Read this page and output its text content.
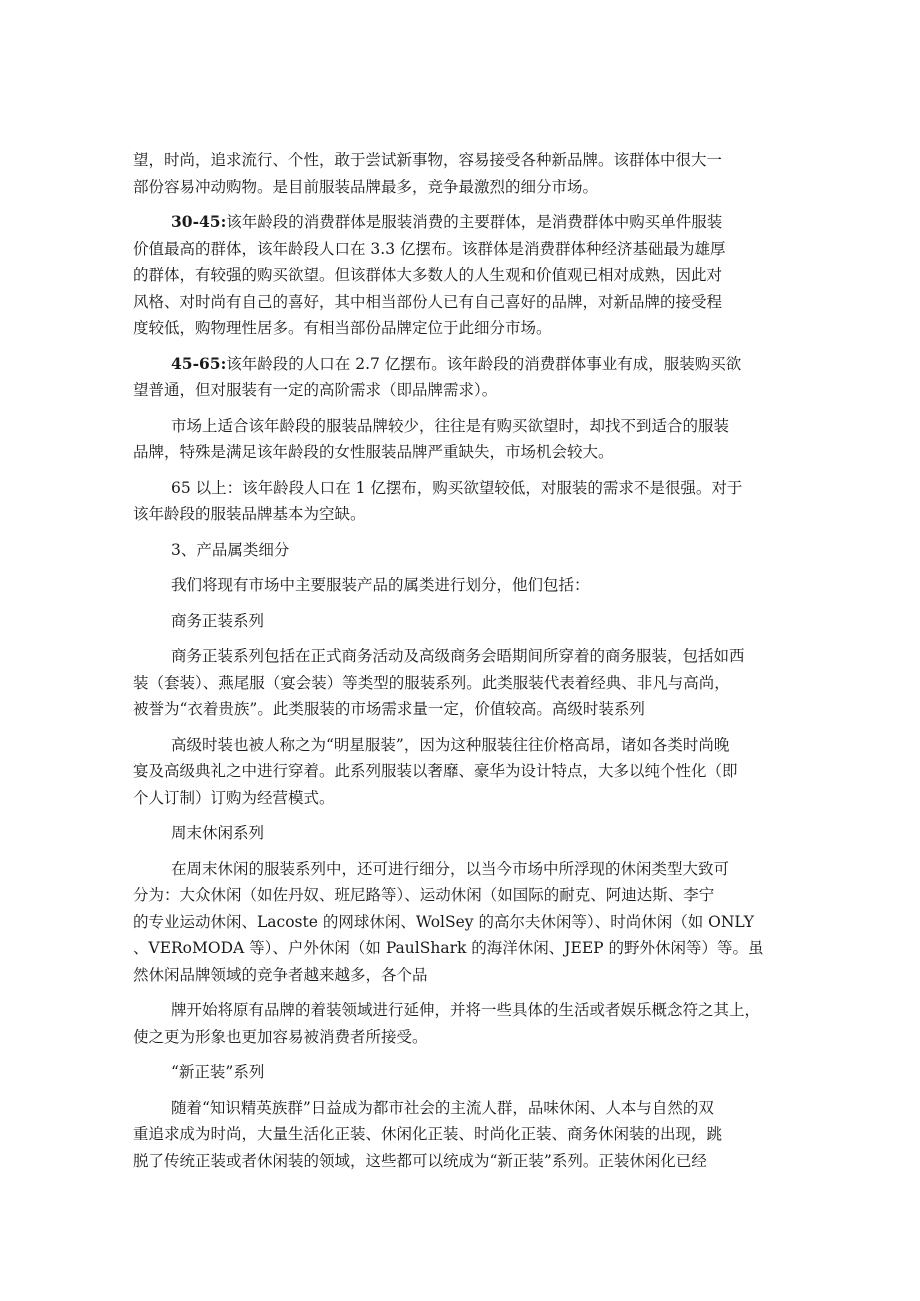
望，时尚，追求流行、个性，敢于尝试新事物，容易接受各种新品牌。该群体中很大一
部份容易冲动购物。是目前服装品牌最多，竞争最激烈的细分市场。
30-45:该年龄段的消费群体是服装消费的主要群体，是消费群体中购买单件服装
价值最高的群体，该年龄段人口在 3.3 亿摆布。该群体是消费群体种经济基础最为雄厚
的群体，有较强的购买欲望。但该群体大多数人的人生观和价值观已相对成熟，因此对
风格、对时尚有自己的喜好，其中相当部份人已有自己喜好的品牌，对新品牌的接受程
度较低，购物理性居多。有相当部份品牌定位于此细分市场。
45-65:该年龄段的人口在 2.7 亿摆布。该年龄段的消费群体事业有成，服装购买欲
望普通，但对服装有一定的高阶需求（即品牌需求）。
市场上适合该年龄段的服装品牌较少，往往是有购买欲望时，却找不到适合的服装
品牌，特殊是满足该年龄段的女性服装品牌严重缺失，市场机会较大。
65 以上：该年龄段人口在 1 亿摆布，购买欲望较低，对服装的需求不是很强。对于
该年龄段的服装品牌基本为空缺。
3、产品属类细分
我们将现有市场中主要服装产品的属类进行划分，他们包括：
商务正装系列
商务正装系列包括在正式商务活动及高级商务会晤期间所穿着的商务服装，包括如西
装（套装）、燕尾服（宴会装）等类型的服装系列。此类服装代表着经典、非凡与高尚，
被誉为“衣着贵族”。此类服装的市场需求量一定，价值较高。高级时装系列
高级时装也被人称之为“明星服装”，因为这种服装往往价格高昂，诸如各类时尚晚
宴及高级典礼之中进行穿着。此系列服装以奢靡、豪华为设计特点，大多以纯个性化（即
个人订制）订购为经营模式。
周末休闲系列
在周末休闲的服装系列中，还可进行细分，以当今市场中所浮现的休闲类型大致可
分为：大众休闲（如佐丹奴、班尼路等）、运动休闲（如国际的耐克、阿迪达斯、李宁
的专业运动休闲、Lacoste 的网球休闲、WolSey 的高尔夫休闲等）、时尚休闲（如 ONLY
、VERoMODA 等）、户外休闲（如 PaulShark 的海洋休闲、JEEP 的野外休闲等）等。虽
然休闲品牌领域的竞争者越来越多，各个品
牌开始将原有品牌的着装领域进行延伸，并将一些具体的生活或者娱乐概念符之其上，
使之更为形象也更加容易被消费者所接受。
“新正装”系列
随着“知识精英族群”日益成为都市社会的主流人群，品味休闲、人本与自然的双
重追求成为时尚，大量生活化正装、休闲化正装、时尚化正装、商务休闲装的出现，跳
脱了传统正装或者休闲装的领域，这些都可以统成为“新正装”系列。正装休闲化已经
